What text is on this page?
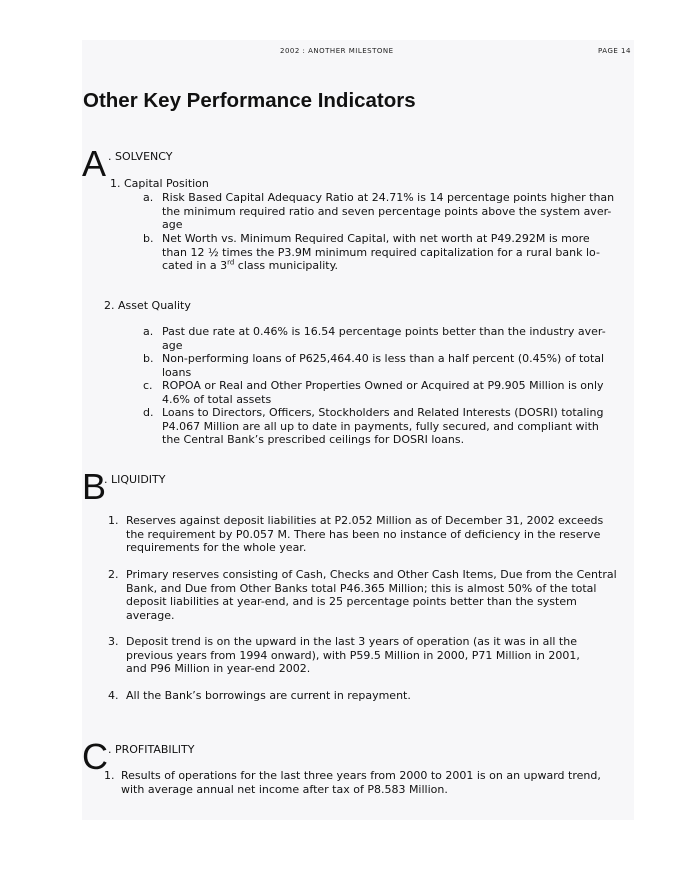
2002 : ANOTHER MILESTONE	PAGE 14
Other Key Performance Indicators
A . SOLVENCY
1. Capital Position
a. Risk Based Capital Adequacy Ratio at 24.71% is 14 percentage points higher than
the minimum required ratio and seven percentage points above the system aver-
age
b. Net Worth vs. Minimum Required Capital, with net worth at P49.292M is more
than 12 ½ times the P3.9M minimum required capitalization for a rural bank lo-
cated in a 3rd class municipality.
2. Asset Quality
a. Past due rate at 0.46% is 16.54 percentage points better than the industry aver-
age
b. Non-performing loans of P625,464.40 is less than a half percent (0.45%) of total
loans
c. ROPOA or Real and Other Properties Owned or Acquired at P9.905 Million is only
4.6% of total assets
d. Loans to Directors, Officers, Stockholders and Related Interests (DOSRI) totaling
P4.067 Million are all up to date in payments, fully secured, and compliant with
the Central Bank’s prescribed ceilings for DOSRI loans.
B
. LIQUIDITY
1. Reserves against deposit liabilities at P2.052 Million as of December 31, 2002 exceeds
the requirement by P0.057 M. There has been no instance of deficiency in the reserve
requirements for the whole year.
2. Primary reserves consisting of Cash, Checks and Other Cash Items, Due from the Central
Bank, and Due from Other Banks total P46.365 Million; this is almost 50% of the total
deposit liabilities at year-end, and is 25 percentage points better than the system
average.
3. Deposit trend is on the upward in the last 3 years of operation (as it was in all the
previous years from 1994 onward), with P59.5 Million in 2000, P71 Million in 2001,
and P96 Million in year-end 2002.
4. All the Bank’s borrowings are current in repayment.
C . PROFITABILITY
1. Results of operations for the last three years from 2000 to 2001 is on an upward trend,
with average annual net income after tax of P8.583 Million.
